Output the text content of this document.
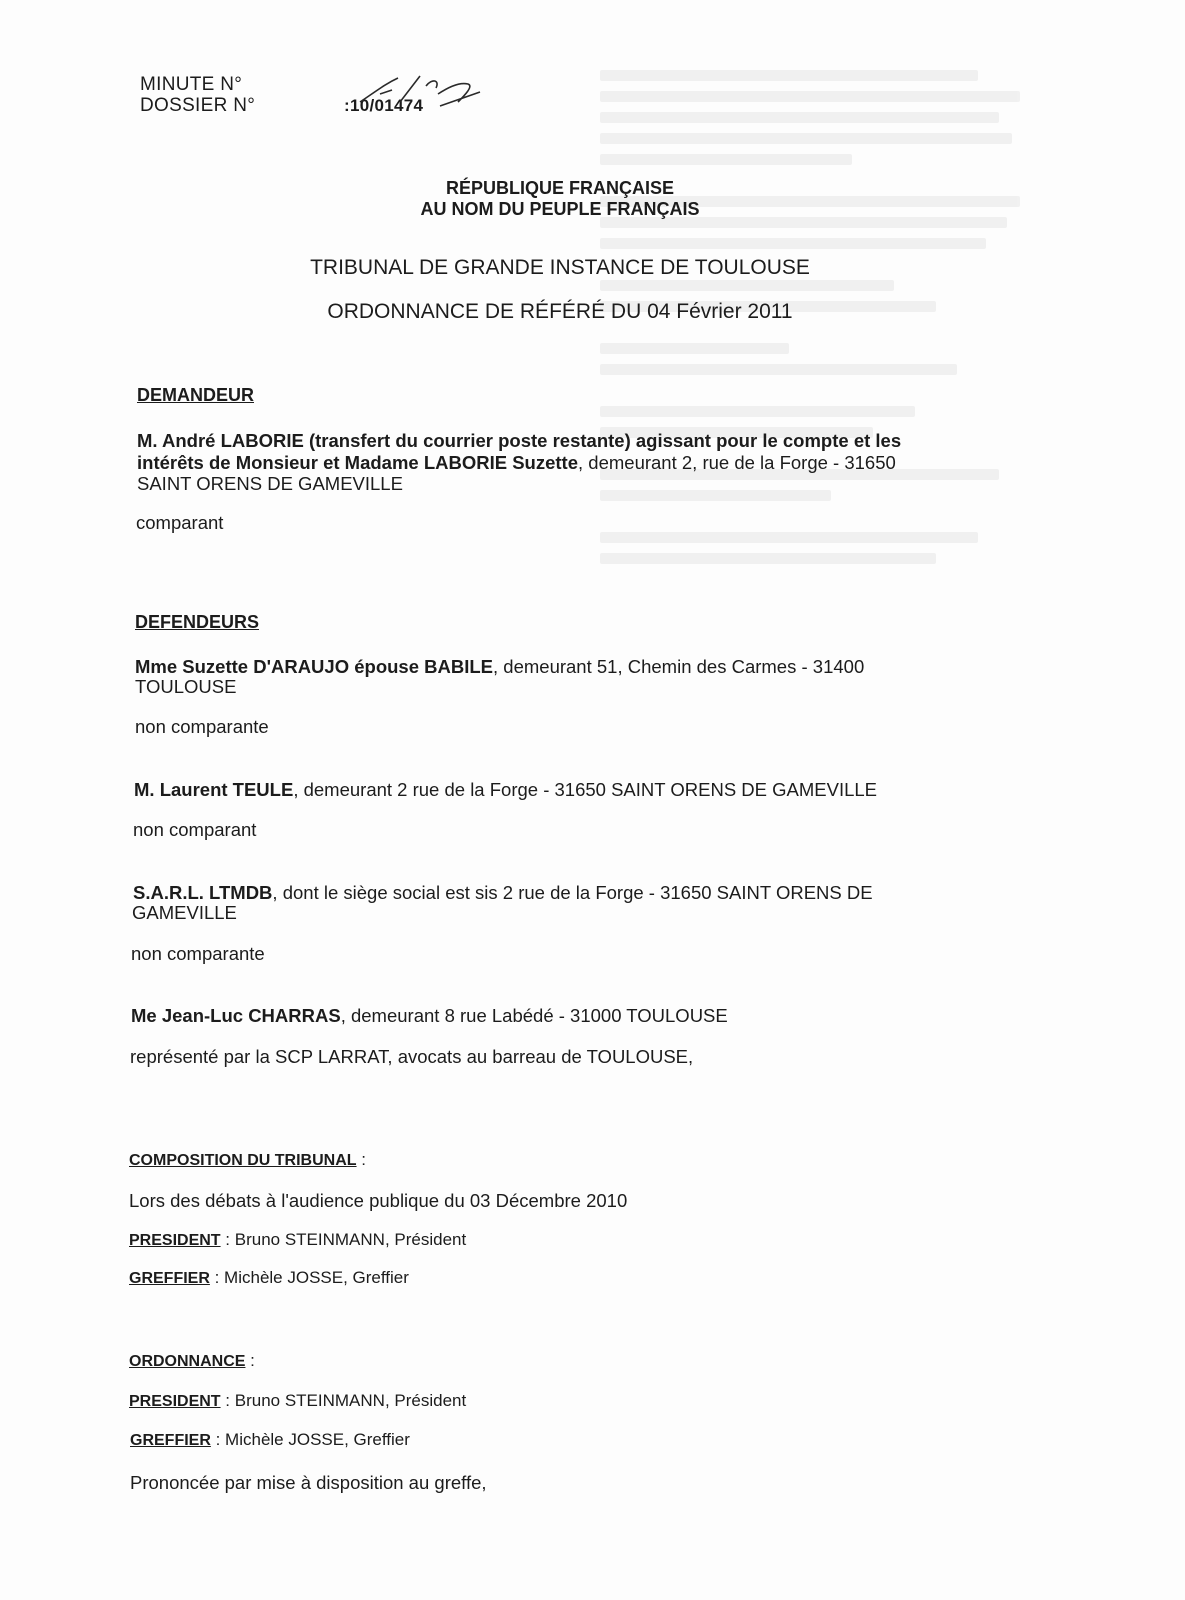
MINUTE N°
DOSSIER N°	:10/01474
RÉPUBLIQUE FRANÇAISE
AU NOM DU PEUPLE FRANÇAIS
TRIBUNAL DE GRANDE INSTANCE DE TOULOUSE
ORDONNANCE DE RÉFÉRÉ DU 04 Février 2011
DEMANDEUR
M. André LABORIE (transfert du courrier poste restante) agissant pour le compte et les
intérêts de Monsieur et Madame LABORIE Suzette, demeurant 2, rue de la Forge - 31650
SAINT ORENS DE GAMEVILLE
comparant
DEFENDEURS
Mme Suzette D'ARAUJO épouse BABILE, demeurant 51, Chemin des Carmes - 31400
TOULOUSE
non comparante
M. Laurent TEULE, demeurant 2 rue de la Forge - 31650 SAINT ORENS DE GAMEVILLE
non comparant
S.A.R.L. LTMDB, dont le siège social est sis 2 rue de la Forge - 31650 SAINT ORENS DE
GAMEVILLE
non comparante
Me Jean-Luc CHARRAS, demeurant 8 rue Labédé - 31000 TOULOUSE
représenté par la SCP LARRAT, avocats au barreau de TOULOUSE,
COMPOSITION DU TRIBUNAL :
Lors des débats à l'audience publique du 03 Décembre 2010
PRESIDENT : Bruno STEINMANN, Président
GREFFIER : Michèle JOSSE, Greffier
ORDONNANCE :
PRESIDENT : Bruno STEINMANN, Président
GREFFIER : Michèle JOSSE, Greffier
Prononcée par mise à disposition au greffe,
